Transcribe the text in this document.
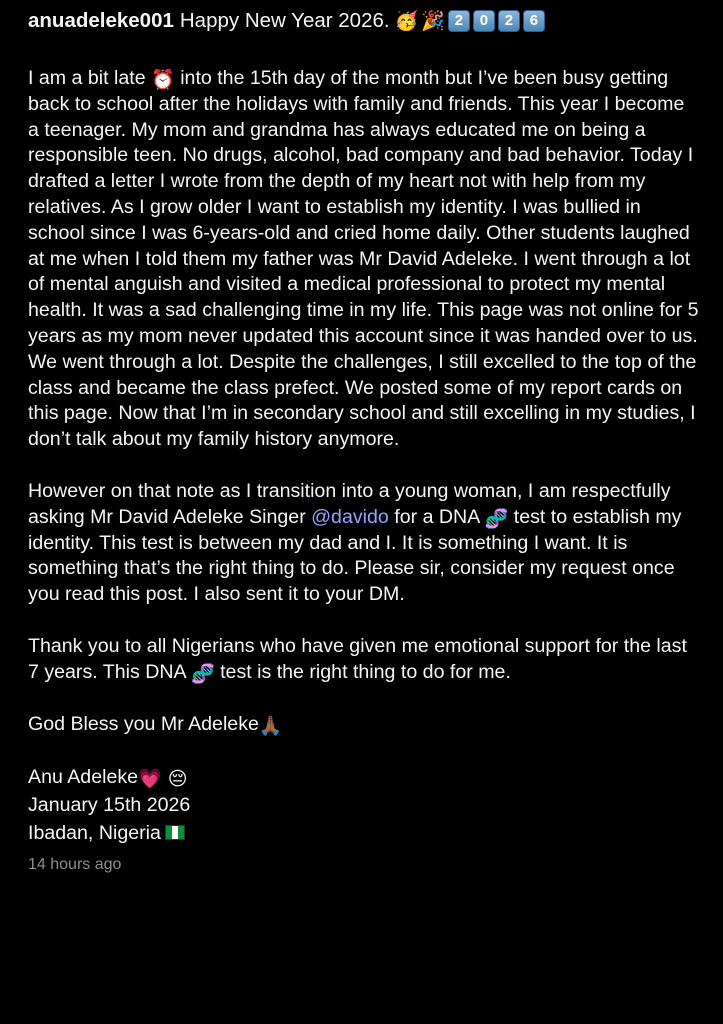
anuadeleke001 Happy New Year 2026. 🥳 🎉 2	0	2	6

I am a bit late ⏰ into the 15th day of the month but I’ve been busy getting back to school after the holidays with family and friends. This year I become a teenager. My mom and grandma has always educated me on being a responsible teen. No drugs, alcohol, bad company and bad behavior. Today I drafted a letter I wrote from the depth of my heart not with help from my relatives. As I grow older I want to establish my identity. I was bullied in school since I was 6-years-old and cried home daily. Other students laughed at me when I told them my father was Mr David Adeleke. I went through a lot of mental anguish and visited a medical professional to protect my mental health. It was a sad challenging time in my life. This page was not online for 5 years as my mom never updated this account since it was handed over to us. We went through a lot. Despite the challenges, I still excelled to the top of the class and became the class prefect. We posted some of my report cards on this page. Now that I’m in secondary school and still excelling in my studies, I don’t talk about my family history anymore.

However on that note as I transition into a young woman, I am respectfully asking Mr David Adeleke Singer @davido for a DNA 🧬 test to establish my identity. This test is between my dad and I. It is something I want. It is something that’s the right thing to do. Please sir, consider my request once you read this post. I also sent it to your DM.

Thank you to all Nigerians who have given me emotional support for the last 7 years. This DNA 🧬 test is the right thing to do for me.

God Bless you Mr Adeleke🙏🏾

Anu Adeleke💗 😔
January 15th 2026
Ibadan, Nigeria
14 hours ago
